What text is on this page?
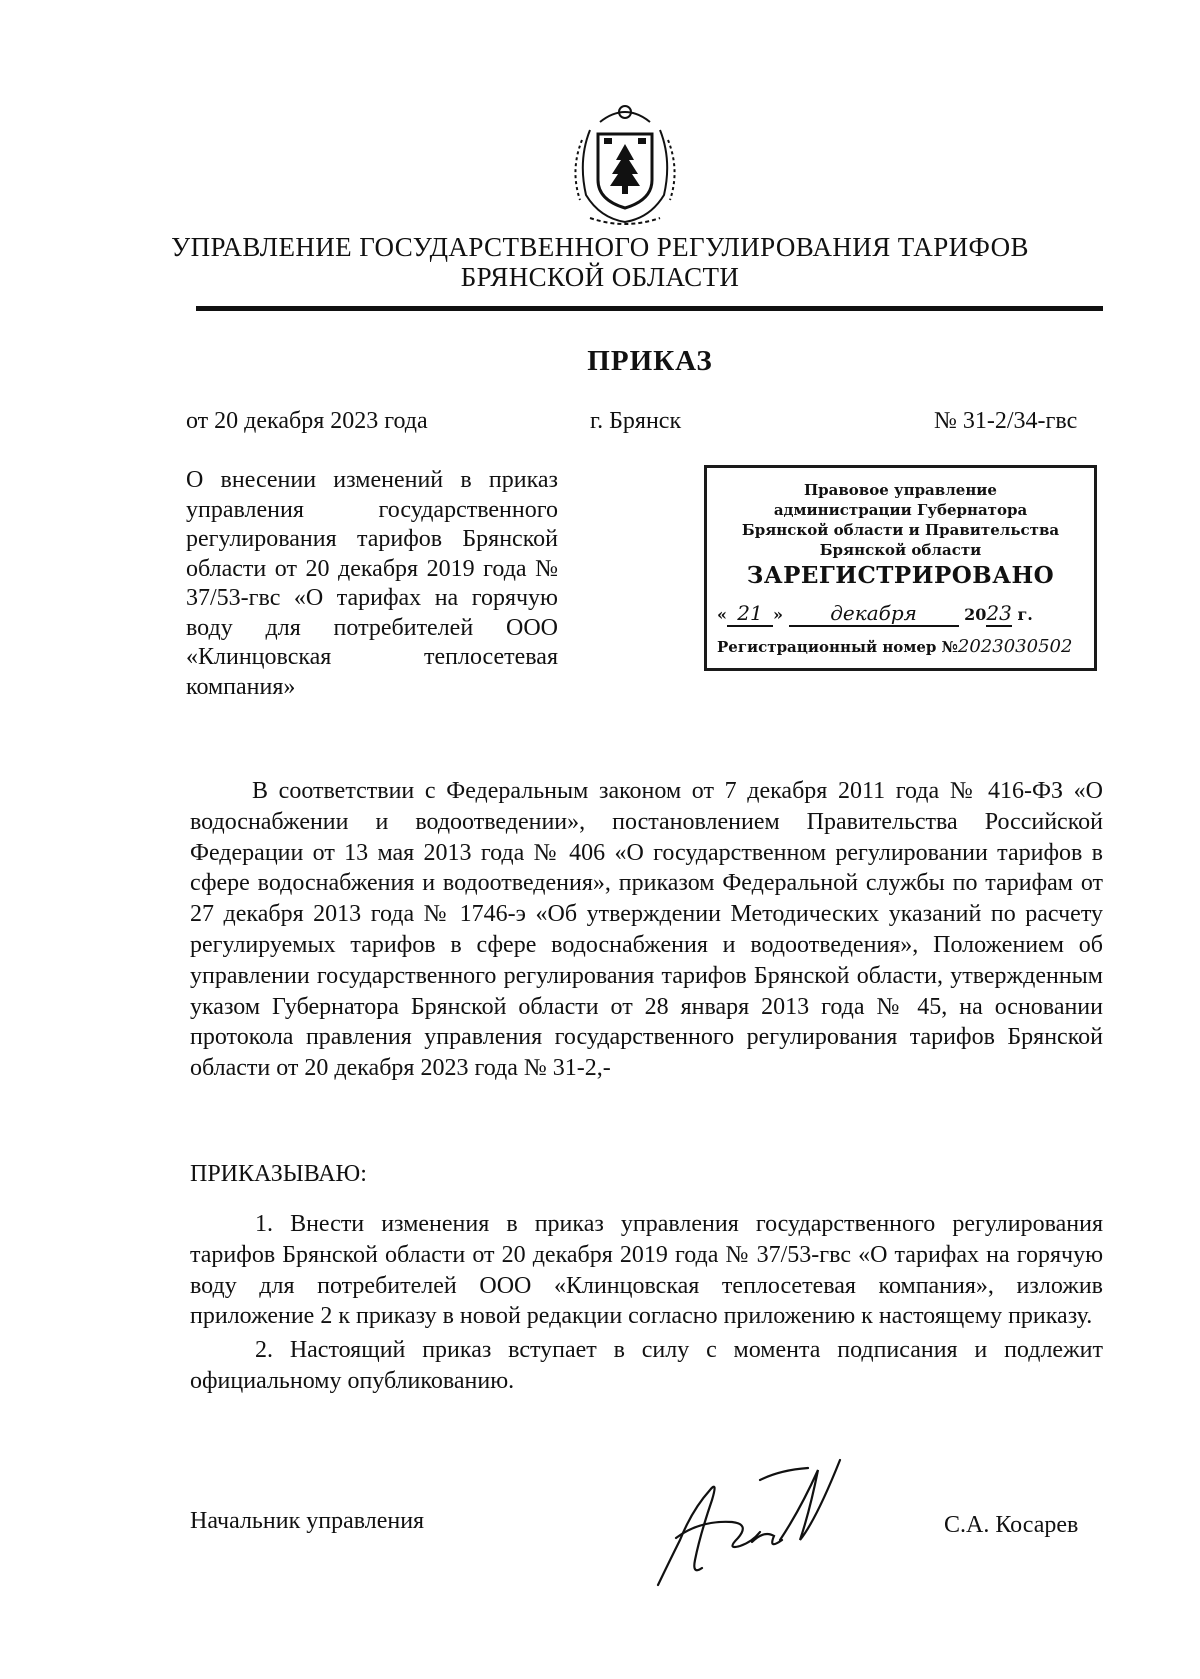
УПРАВЛЕНИЕ ГОСУДАРСТВЕННОГО РЕГУЛИРОВАНИЯ ТАРИФОВ
БРЯНСКОЙ ОБЛАСТИ
ПРИКАЗ
от 20 декабря 2023 года	г. Брянск	№ 31-2/34-гвс
О внесении изменений в приказ управления государственного регулирования тарифов Брянской области от 20 декабря 2019 года № 37/53-гвс «О тарифах на горячую воду для потребителей ООО «Клинцовская теплосетевая компания»
Правовое управление
администрации Губернатора
Брянской области и Правительства
Брянской области
ЗАРЕГИСТРИРОВАНО
« 21 » декабря	2023 г.
Регистрационный номер №2023030502
В соответствии с Федеральным законом от 7 декабря 2011 года № 416-ФЗ «О водоснабжении и водоотведении», постановлением Правительства Российской Федерации от 13 мая 2013 года № 406 «О государственном регулировании тарифов в сфере водоснабжения и водоотведения», приказом Федеральной службы по тарифам от 27 декабря 2013 года № 1746-э «Об утверждении Методических указаний по расчету регулируемых тарифов в сфере водоснабжения и водоотведения», Положением об управлении государственного регулирования тарифов Брянской области, утвержденным указом Губернатора Брянской области от 28 января 2013 года № 45, на основании протокола правления управления государственного регулирования тарифов Брянской области от 20 декабря 2023 года № 31-2,-
ПРИКАЗЫВАЮ:

1. Внести изменения в приказ управления государственного регулирования тарифов Брянской области от 20 декабря 2019 года № 37/53-гвс «О тарифах на горячую воду для потребителей ООО «Клинцовская теплосетевая компания», изложив приложение 2 к приказу в новой редакции согласно приложению к настоящему приказу.

2. Настоящий приказ вступает в силу с момента подписания и подлежит официальному опубликованию.

Начальник управления	С.А. Косарев
